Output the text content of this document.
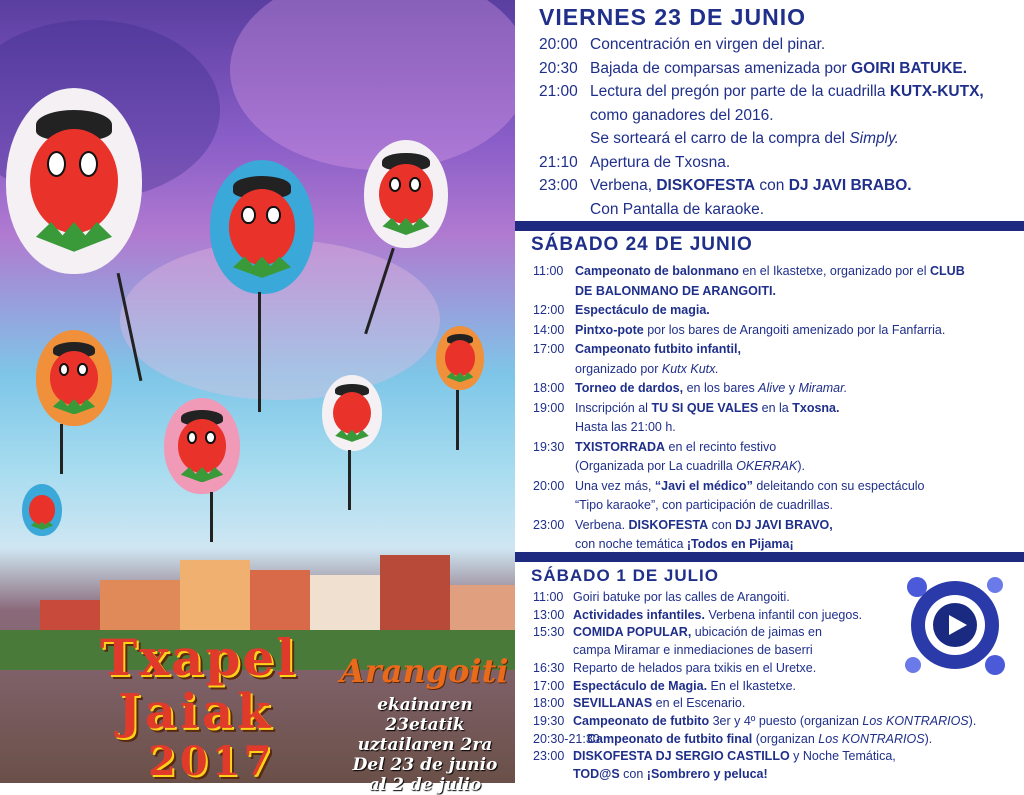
Txapel
Jaiak
2017
Arangoiti
ekainaren 23etatik
uztailaren 2ra
Del 23 de junio
al 2 de julio
VIERNES 23 DE JUNIO
20:00 Concentración en virgen del pinar.
20:30 Bajada de comparsas amenizada por GOIRI BATUKE.
21:00 Lectura del pregón por parte de la cuadrilla KUTX-KUTX,
como ganadores del 2016.
Se sorteará el carro de la compra del Simply.
21:10 Apertura de Txosna.
23:00 Verbena, DISKOFESTA con DJ JAVI BRABO.
Con Pantalla de karaoke.
SÁBADO 24 DE JUNIO
11:00 Campeonato de balonmano en el Ikastetxe, organizado por el CLUB
DE BALONMANO DE ARANGOITI.
12:00 Espectáculo de magia.
14:00 Pintxo-pote por los bares de Arangoiti amenizado por la Fanfarria.
17:00 Campeonato futbito infantil,
organizado por Kutx Kutx.
18:00 Torneo de dardos, en los bares Alive y Miramar.
19:00 Inscripción al TU SI QUE VALES en la Txosna.
Hasta las 21:00 h.
19:30 TXISTORRADA en el recinto festivo
(Organizada por La cuadrilla OKERRAK).
20:00 Una vez más, “Javi el médico” deleitando con su espectáculo
“Tipo karaoke”, con participación de cuadrillas.
23:00 Verbena. DISKOFESTA con DJ JAVI BRAVO,
con noche temática ¡Todos en Pijama¡
SÁBADO 1 DE JULIO
11:00 Goiri batuke por las calles de Arangoiti.
13:00 Actividades infantiles. Verbena infantil con juegos.
15:30 COMIDA POPULAR, ubicación de jaimas en
campa Miramar e inmediaciones de baserri
16:30 Reparto de helados para txikis en el Uretxe.
17:00 Espectáculo de Magia. En el Ikastetxe.
18:00 SEVILLANAS en el Escenario.
19:30 Campeonato de futbito 3er y 4º puesto (organizan Los KONTRARIOS).
20:30-21:30
Campeonato de futbito final (organizan Los KONTRARIOS).
23:00 DISKOFESTA DJ SERGIO CASTILLO y Noche Temática,
TOD@S con ¡Sombrero y peluca!
